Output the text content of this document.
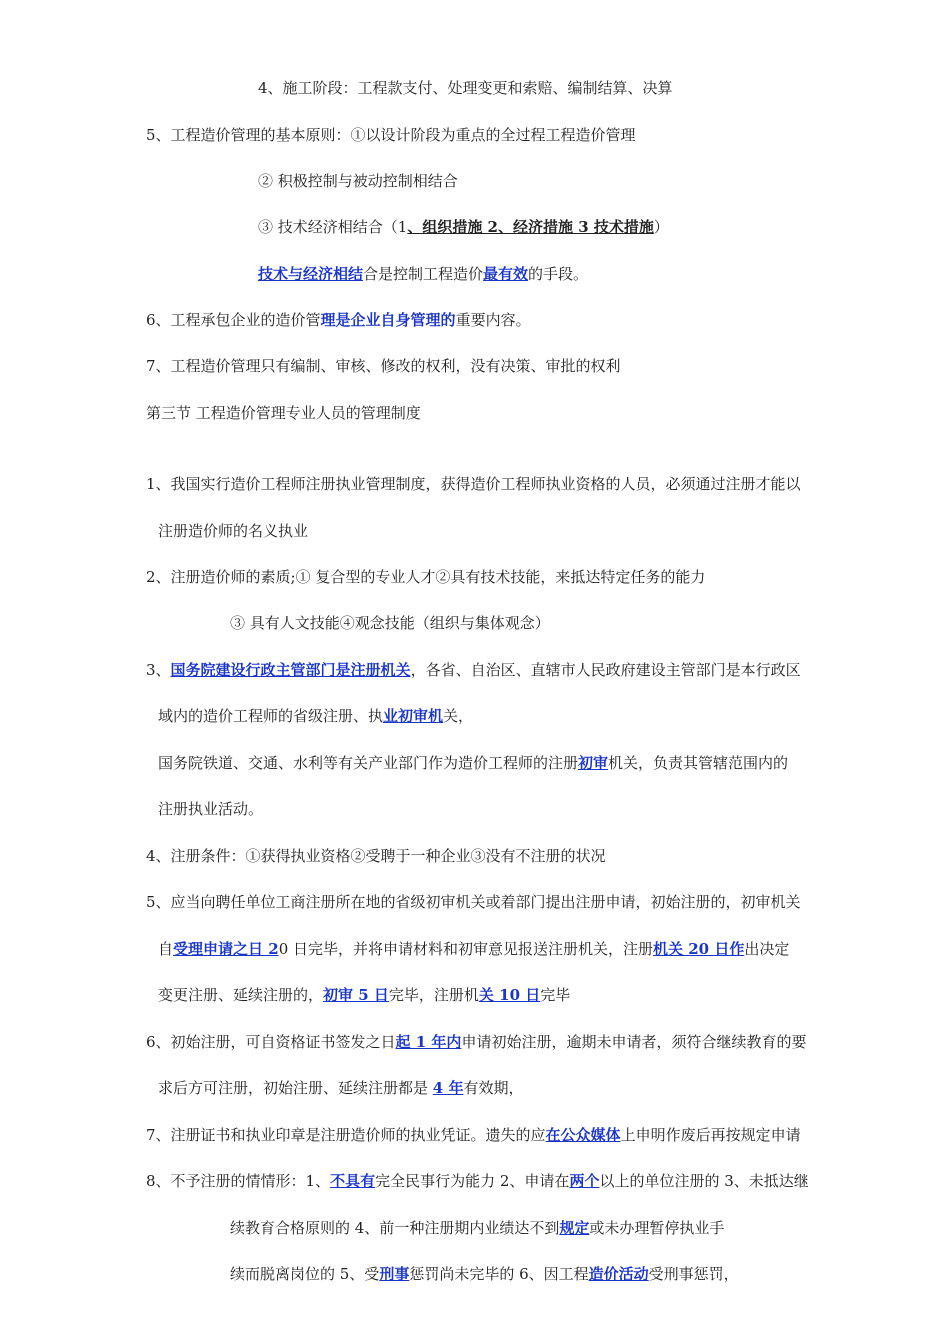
4、施工阶段：工程款支付、处理变更和索赔、编制结算、决算
5、工程造价管理的基本原则：①以设计阶段为重点的全过程工程造价管理
② 积极控制与被动控制相结合
③ 技术经济相结合（1、组织措施 2、经济措施 3 技术措施）
技术与经济相结合是控制工程造价最有效的手段。
6、工程承包企业的造价管理是企业自身管理的重要内容。
7、工程造价管理只有编制、审核、修改的权利，没有决策、审批的权利
第三节 工程造价管理专业人员的管理制度
1、我国实行造价工程师注册执业管理制度，获得造价工程师执业资格的人员，必须通过注册才能以
注册造价师的名义执业
2、注册造价师的素质;① 复合型的专业人才②具有技术技能，来抵达特定任务的能力
③ 具有人文技能④观念技能（组织与集体观念）
3、国务院建设行政主管部门是注册机关，各省、自治区、直辖市人民政府建设主管部门是本行政区
域内的造价工程师的省级注册、执业初审机关，
国务院铁道、交通、水利等有关产业部门作为造价工程师的注册初审机关，负责其管辖范围内的
注册执业活动。
4、注册条件：①获得执业资格②受聘于一种企业③没有不注册的状况
5、应当向聘任单位工商注册所在地的省级初审机关或着部门提出注册申请，初始注册的，初审机关
自受理申请之日 20 日完毕，并将申请材料和初审意见报送注册机关，注册机关 20 日作出决定
变更注册、延续注册的，初审 5 日完毕，注册机关 10 日完毕
6、初始注册，可自资格证书签发之日起 1 年内申请初始注册，逾期未申请者，须符合继续教育的要
求后方可注册，初始注册、延续注册都是 4 年有效期，
7、注册证书和执业印章是注册造价师的执业凭证。遗失的应在公众媒体上申明作废后再按规定申请
8、不予注册的情情形：1、不具有完全民事行为能力 2、申请在两个以上的单位注册的 3、未抵达继
续教育合格原则的 4、前一种注册期内业绩达不到规定或未办理暂停执业手
续而脱离岗位的 5、受刑事惩罚尚未完毕的 6、因工程造价活动受刑事惩罚，
